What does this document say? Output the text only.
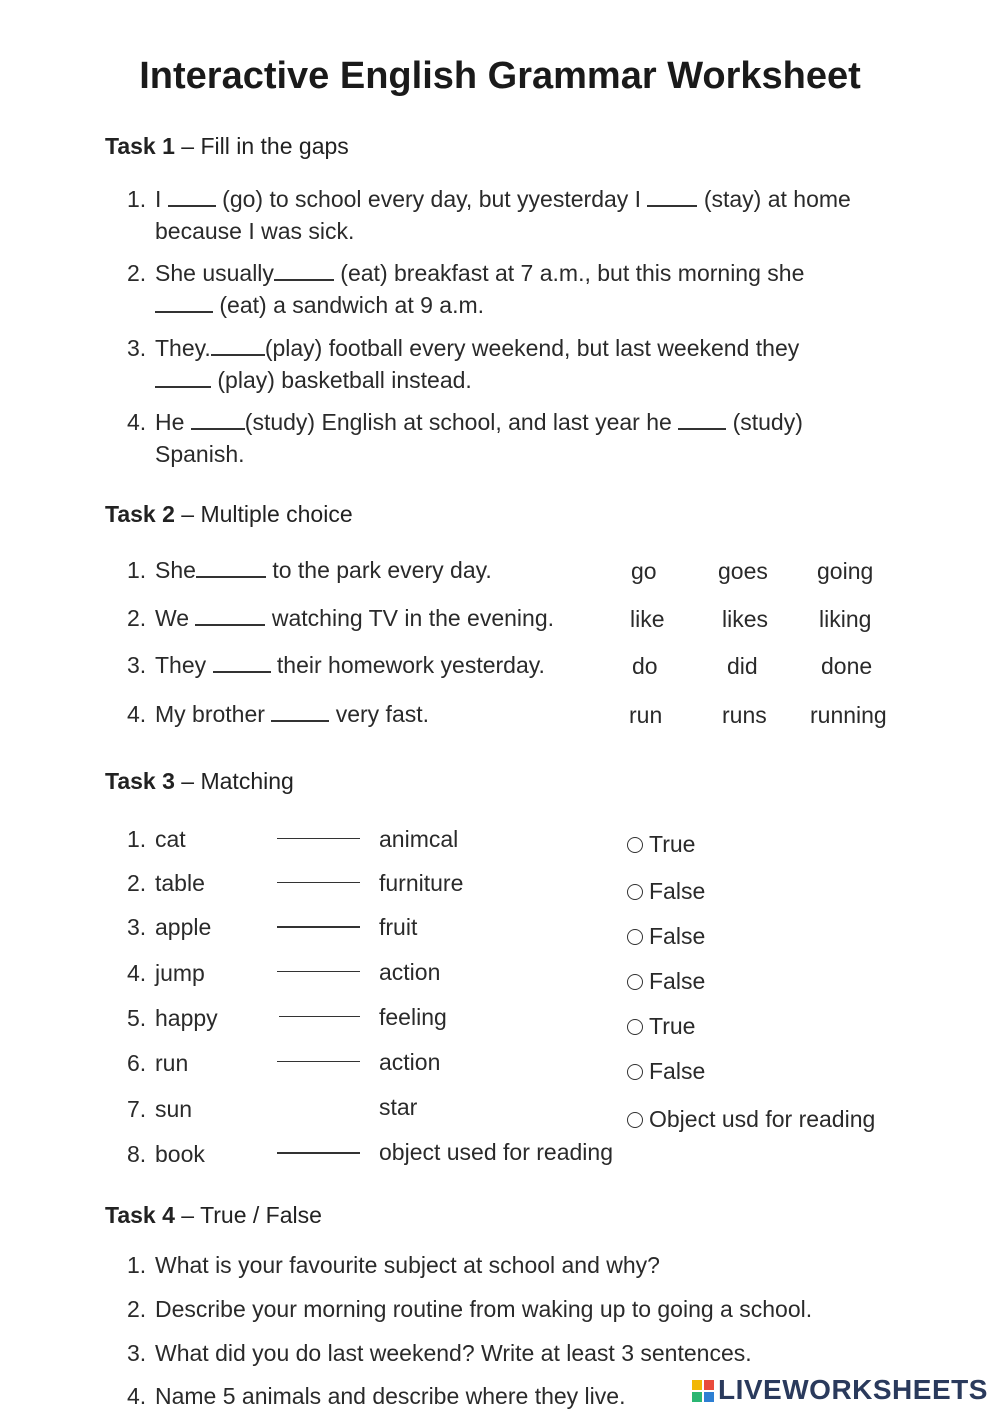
Interactive English Grammar Worksheet
Task 1 – Fill in the gaps
1. I  (go) to school every day, but yyesterday I  (stay) at home
because I was sick.
2. She usually	(eat) breakfast at 7 a.m., but this morning she
(eat) a sandwich at 9 a.m.
3. They. (play) football every weekend, but last weekend they
(play) basketball instead.
4. He (study) English at school, and last year he  (study)
Spanish.
Task 2 – Multiple choice
1. She	to the park every day.	go	goes going
2. We	watching TV in the evening.	like likes liking
3. They	their homework yesterday.	do	did	done
4. My brother	very fast.	run	runs running
Task 3 – Matching
1. cat	animcal	True
2. table	furniture	False
3. apple	fruit	False
4. jump	action	False
5. happy	feeling	True
6. run	action	False
7. sun	star	Object usd for reading
8. book	object used for reading
Task 4 – True / False
1. What is your favourite subject at school and why?
2. Describe your morning routine from waking up to going a school.
3. What did you do last weekend? Write at least 3 sentences.
4. Name 5 animals and describe where they live.	LIVEWORKSHEETS
